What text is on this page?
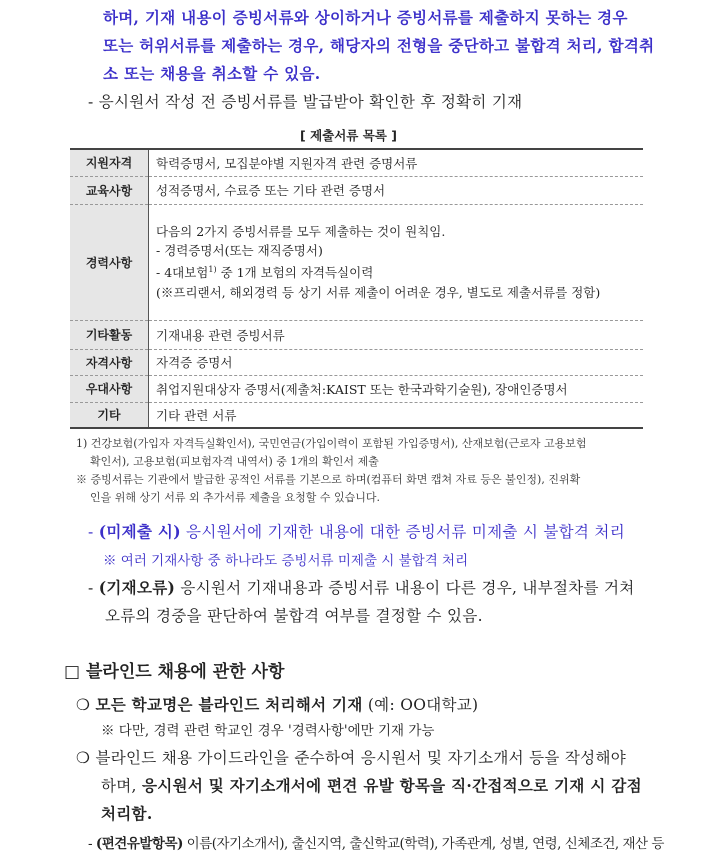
하며, 기재 내용이 증빙서류와 상이하거나 증빙서류를 제출하지 못하는 경우

또는 허위서류를 제출하는 경우, 해당자의 전형을 중단하고 불합격 처리, 합격취

소 또는 채용을 취소할 수 있음.

- 응시원서 작성 전 증빙서류를 발급받아 확인한 후 정확히 기재

[ 제출서류 목록 ]

지원자격	학력증명서, 모집분야별 지원자격 관련 증명서류
교육사항	성적증명서, 수료증 또는 기타 관련 증명서
경력사항	다음의 2가지 증빙서류를 모두 제출하는 것이 원칙임.
- 경력증명서(또는 재직증명서)
- 4대보험$^{1)}$ 중 1개 보험의 자격득실이력
(※프리랜서, 해외경력 등 상기 서류 제출이 어려운 경우, 별도로 제출서류를 정함)

기타활동	기재내용 관련 증빙서류
자격사항	자격증 증명서
우대사항	취업지원대상자 증명서(제출처:KAIST 또는 한국과학기술원), 장애인증명서
기타	기타 관련 서류

1) 건강보험(가입자 자격득실확인서), 국민연금(가입이력이 포함된 가입증명서), 산재보험(근로자 고용보험

확인서), 고용보험(피보험자격 내역서) 중 1개의 확인서 제출

※ 증빙서류는 기관에서 발급한 공적인 서류를 기본으로 하며(컴퓨터 화면 캡쳐 자료 등은 불인정), 진위확

인을 위해 상기 서류 외 추가서류 제출을 요청할 수 있습니다.

- (미제출 시) 응시원서에 기재한 내용에 대한 증빙서류 미제출 시 불합격 처리

※ 여러 기재사항 중 하나라도 증빙서류 미제출 시 불합격 처리

- (기재오류) 응시원서 기재내용과 증빙서류 내용이 다른 경우, 내부절차를 거쳐

오류의 경중을 판단하여 불합격 여부를 결정할 수 있음.

□ 블라인드 채용에 관한 사항

❍ 모든 학교명은 블라인드 처리해서 기재 (예: OO대학교)

※ 다만, 경력 관련 학교인 경우 '경력사항'에만 기재 가능

❍ 블라인드 채용 가이드라인을 준수하여 응시원서 및 자기소개서 등을 작성해야

하며, 응시원서 및 자기소개서에 편견 유발 항목을 직·간접적으로 기재 시 감점

처리함.

- (편견유발항목) 이름(자기소개서), 출신지역, 출신학교(학력), 가족관계, 성별, 연령, 신체조건, 재산 등
